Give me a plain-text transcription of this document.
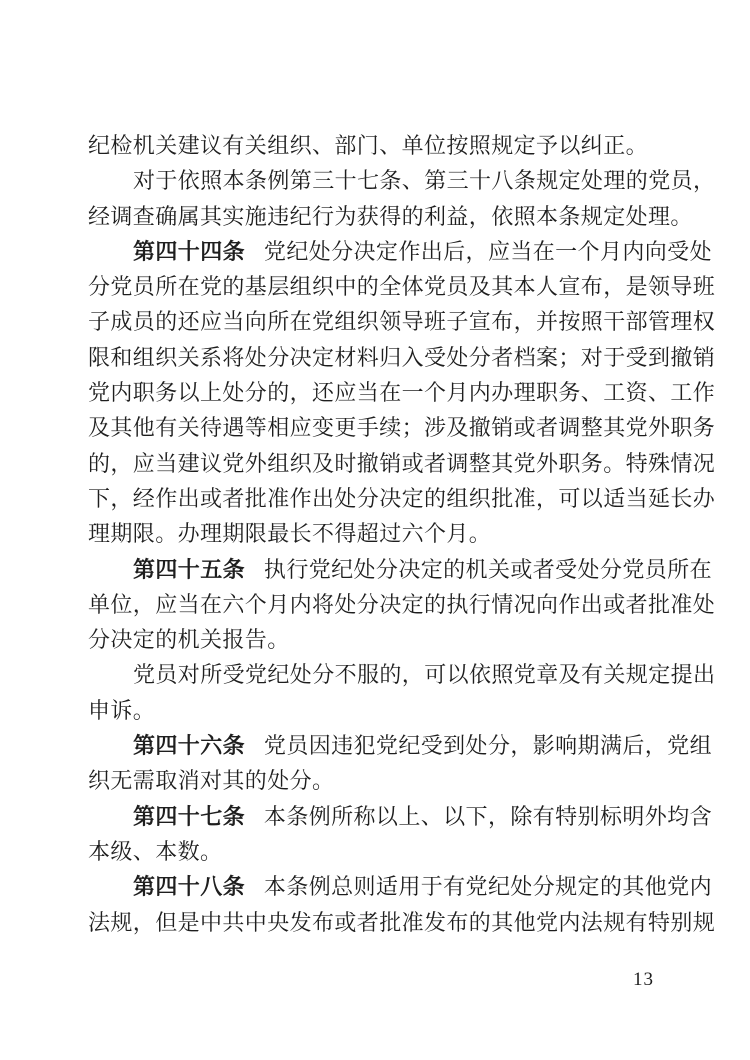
纪检机关建议有关组织、部门、单位按照规定予以纠正。
对于依照本条例第三十七条、第三十八条规定处理的党员，
经调查确属其实施违纪行为获得的利益，依照本条规定处理。
第四十四条 党纪处分决定作出后，应当在一个月内向受处
分党员所在党的基层组织中的全体党员及其本人宣布，是领导班
子成员的还应当向所在党组织领导班子宣布，并按照干部管理权
限和组织关系将处分决定材料归入受处分者档案；对于受到撤销
党内职务以上处分的，还应当在一个月内办理职务、工资、工作
及其他有关待遇等相应变更手续；涉及撤销或者调整其党外职务
的，应当建议党外组织及时撤销或者调整其党外职务。特殊情况
下，经作出或者批准作出处分决定的组织批准，可以适当延长办
理期限。办理期限最长不得超过六个月。
第四十五条 执行党纪处分决定的机关或者受处分党员所在
单位，应当在六个月内将处分决定的执行情况向作出或者批准处
分决定的机关报告。
党员对所受党纪处分不服的，可以依照党章及有关规定提出
申诉。
第四十六条 党员因违犯党纪受到处分，影响期满后，党组
织无需取消对其的处分。
第四十七条 本条例所称以上、以下，除有特别标明外均含
本级、本数。
第四十八条 本条例总则适用于有党纪处分规定的其他党内
法规，但是中共中央发布或者批准发布的其他党内法规有特别规
13
